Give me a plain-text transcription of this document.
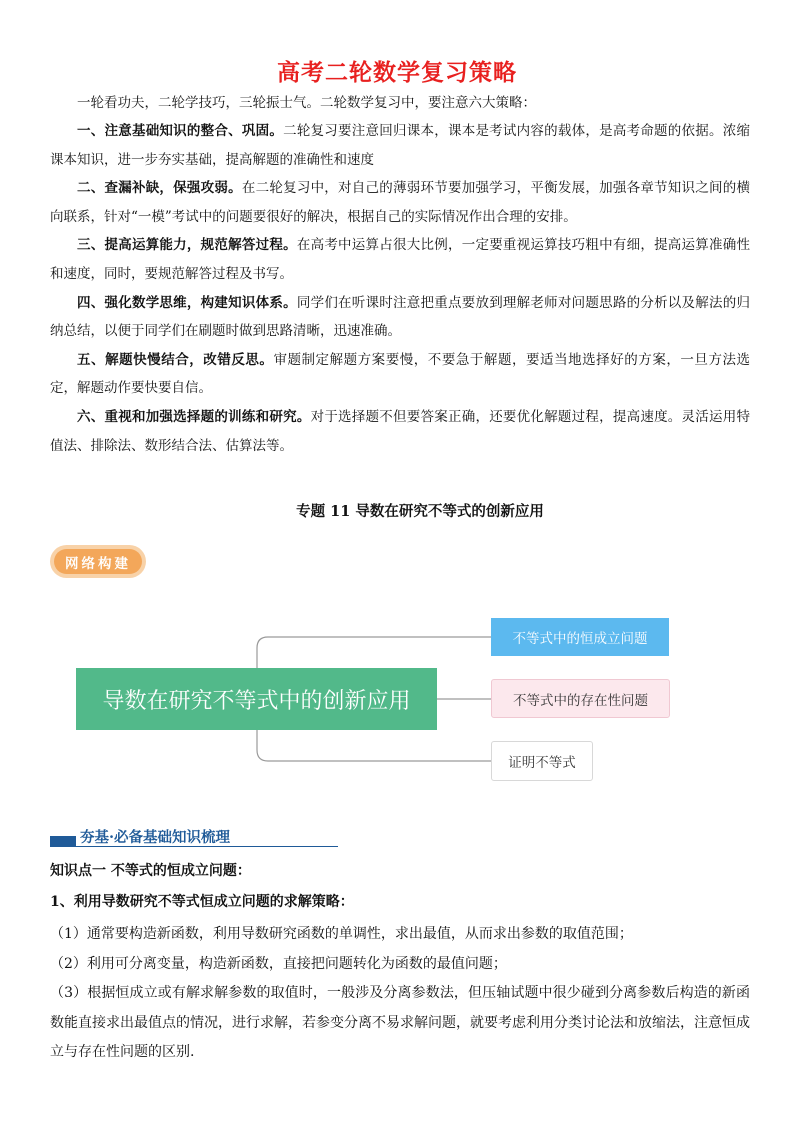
高考二轮数学复习策略
一轮看功夫，二轮学技巧，三轮振士气。二轮数学复习中，要注意六大策略：

一、注意基础知识的整合、巩固。二轮复习要注意回归课本，课本是考试内容的载体，是高考命题的依据。浓缩课本知识，进一步夯实基础，提高解题的准确性和速度

二、查漏补缺，保强攻弱。在二轮复习中，对自己的薄弱环节要加强学习，平衡发展，加强各章节知识之间的横向联系，针对“一模”考试中的问题要很好的解决，根据自己的实际情况作出合理的安排。

三、提高运算能力，规范解答过程。在高考中运算占很大比例，一定要重视运算技巧粗中有细，提高运算准确性和速度，同时，要规范解答过程及书写。

四、强化数学思维，构建知识体系。同学们在听课时注意把重点要放到理解老师对问题思路的分析以及解法的归纳总结，以便于同学们在刷题时做到思路清晰，迅速准确。

五、解题快慢结合，改错反思。审题制定解题方案要慢，不要急于解题，要适当地选择好的方案，一旦方法选定，解题动作要快要自信。

六、重视和加强选择题的训练和研究。对于选择题不但要答案正确，还要优化解题过程，提高速度。灵活运用特值法、排除法、数形结合法、估算法等。

专题 11 导数在研究不等式的创新应用
网络构建
导数在研究不等式中的创新应用
不等式中的恒成立问题
不等式中的存在性问题
证明不等式
夯基·必备基础知识梳理
知识点一 不等式的恒成立问题：
1、利用导数研究不等式恒成立问题的求解策略：
（1）通常要构造新函数，利用导数研究函数的单调性，求出最值，从而求出参数的取值范围；
（2）利用可分离变量，构造新函数，直接把问题转化为函数的最值问题；
（3）根据恒成立或有解求解参数的取值时，一般涉及分离参数法，但压轴试题中很少碰到分离参数后构造的新函数能直接求出最值点的情况，进行求解，若参变分离不易求解问题，就要考虑利用分类讨论法和放缩法，注意恒成立与存在性问题的区别.
